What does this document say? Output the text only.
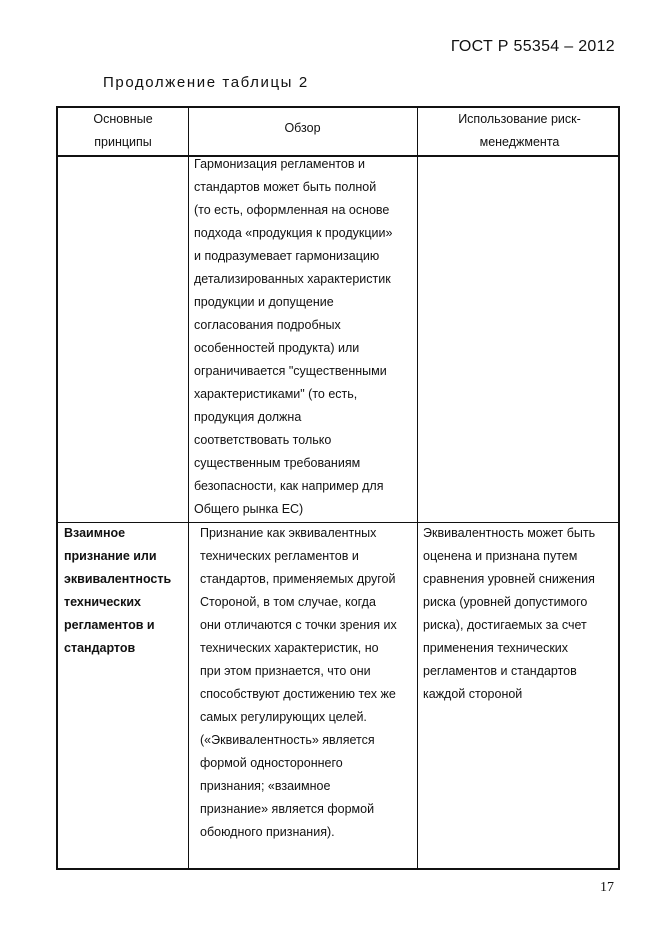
ГОСТ Р 55354 – 2012
Продолжение таблицы 2
Основные
принципы
Обзор
Использование риск-
менеджмента
Гармонизация регламентов и
стандартов может быть полной
(то есть, оформленная на основе
подхода «продукция к продукции»
и подразумевает гармонизацию
детализированных характеристик
продукции и допущение
согласования подробных
особенностей продукта) или
ограничивается "существенными
характеристиками" (то есть,
продукция должна
соответствовать только
существенным требованиям
безопасности, как например для
Общего рынка ЕС)
Взаимное
признание или
эквивалентность
технических
регламентов и
стандартов
Признание как эквивалентных
технических регламентов и
стандартов, применяемых другой
Стороной, в том случае, когда
они отличаются с точки зрения их
технических характеристик, но
при этом признается, что они
способствуют достижению тех же
самых регулирующих целей.
(«Эквивалентность» является
формой одностороннего
признания; «взаимное
признание» является формой
обоюдного признания).
Эквивалентность может быть
оценена и признана путем
сравнения уровней снижения
риска (уровней допустимого
риска), достигаемых за счет
применения технических
регламентов и стандартов
каждой стороной
17
